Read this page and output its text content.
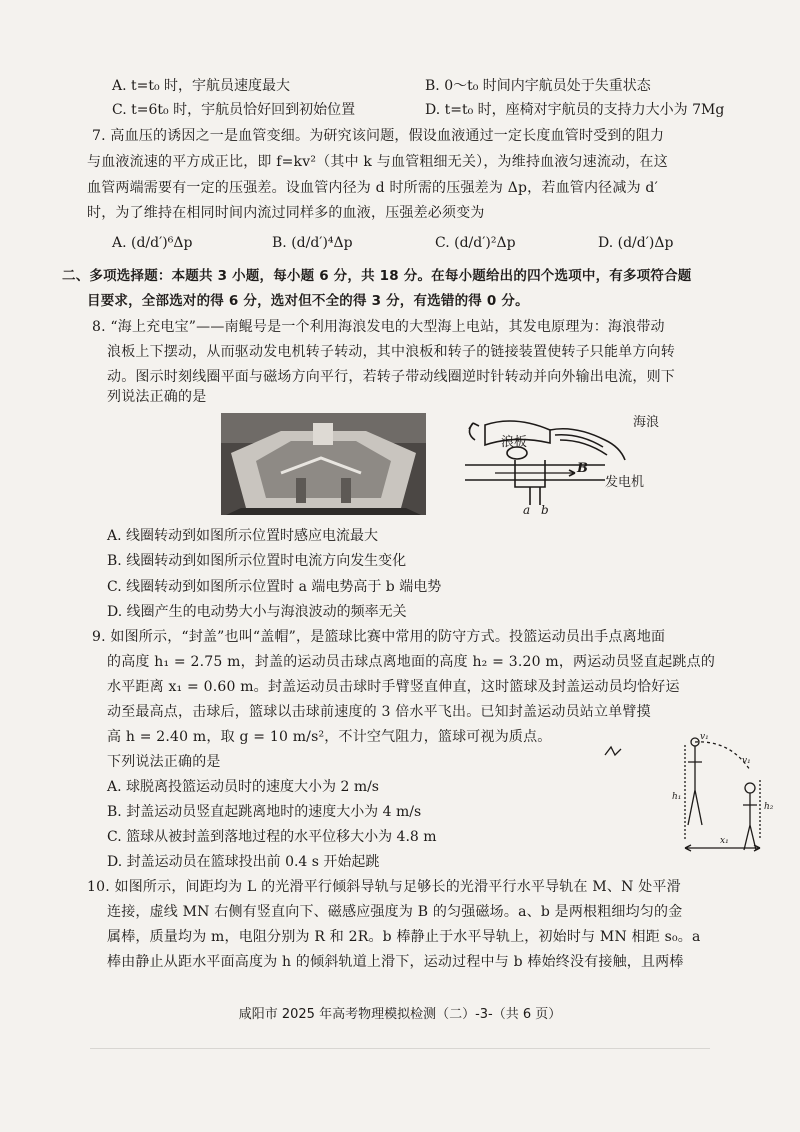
A. t=t₀ 时，宇航员速度最大	B. 0～t₀ 时间内宇航员处于失重状态
C. t=6t₀ 时，宇航员恰好回到初始位置	D. t=t₀ 时，座椅对宇航员的支持力大小为 7Mg
7. 高血压的诱因之一是血管变细。为研究该问题，假设血液通过一定长度血管时受到的阻力
与血液流速的平方成正比，即 f=kv²（其中 k 与血管粗细无关），为维持血液匀速流动，在这
血管两端需要有一定的压强差。设血管内径为 d 时所需的压强差为 Δp，若血管内径减为 d′
时，为了维持在相同时间内流过同样多的血液，压强差必须变为
A. (d/d′)⁶Δp	B. (d/d′)⁴Δp	C. (d/d′)²Δp	D. (d/d′)Δp
二、多项选择题：本题共 3 小题，每小题 6 分，共 18 分。在每小题给出的四个选项中，有多项符合题
目要求，全部选对的得 6 分，选对但不全的得 3 分，有选错的得 0 分。
8. “海上充电宝”——南鲲号是一个利用海浪发电的大型海上电站，其发电原理为：海浪带动
浪板上下摆动，从而驱动发电机转子转动，其中浪板和转子的链接装置使转子只能单方向转
动。图示时刻线圈平面与磁场方向平行，若转子带动线圈逆时针转动并向外输出电流，则下
列说法正确的是
海浪
浪板
B
发电机
a b
A. 线圈转动到如图所示位置时感应电流最大
B. 线圈转动到如图所示位置时电流方向发生变化
C. 线圈转动到如图所示位置时 a 端电势高于 b 端电势
D. 线圈产生的电动势大小与海浪波动的频率无关
9. 如图所示，“封盖”也叫“盖帽”，是篮球比赛中常用的防守方式。投篮运动员出手点离地面
的高度 h₁ = 2.75 m，封盖的运动员击球点离地面的高度 h₂ = 3.20 m，两运动员竖直起跳点的
水平距离 x₁ = 0.60 m。封盖运动员击球时手臂竖直伸直，这时篮球及封盖运动员均恰好运
动至最高点，击球后，篮球以击球前速度的 3 倍水平飞出。已知封盖运动员站立单臂摸
高 h = 2.40 m，取 g = 10 m/s²，不计空气阻力，篮球可视为质点。
下列说法正确的是
v₁
v₁
h₁
h₂
x₁
A. 球脱离投篮运动员时的速度大小为 2 m/s
B. 封盖运动员竖直起跳离地时的速度大小为 4 m/s
C. 篮球从被封盖到落地过程的水平位移大小为 4.8 m
D. 封盖运动员在篮球投出前 0.4 s 开始起跳
10. 如图所示，间距均为 L 的光滑平行倾斜导轨与足够长的光滑平行水平导轨在 M、N 处平滑
连接，虚线 MN 右侧有竖直向下、磁感应强度为 B 的匀强磁场。a、b 是两根粗细均匀的金
属棒，质量均为 m，电阻分别为 R 和 2R。b 棒静止于水平导轨上，初始时与 MN 相距 s₀。a
棒由静止从距水平面高度为 h 的倾斜轨道上滑下，运动过程中与 b 棒始终没有接触，且两棒
咸阳市 2025 年高考物理模拟检测（二）-3-（共 6 页）
